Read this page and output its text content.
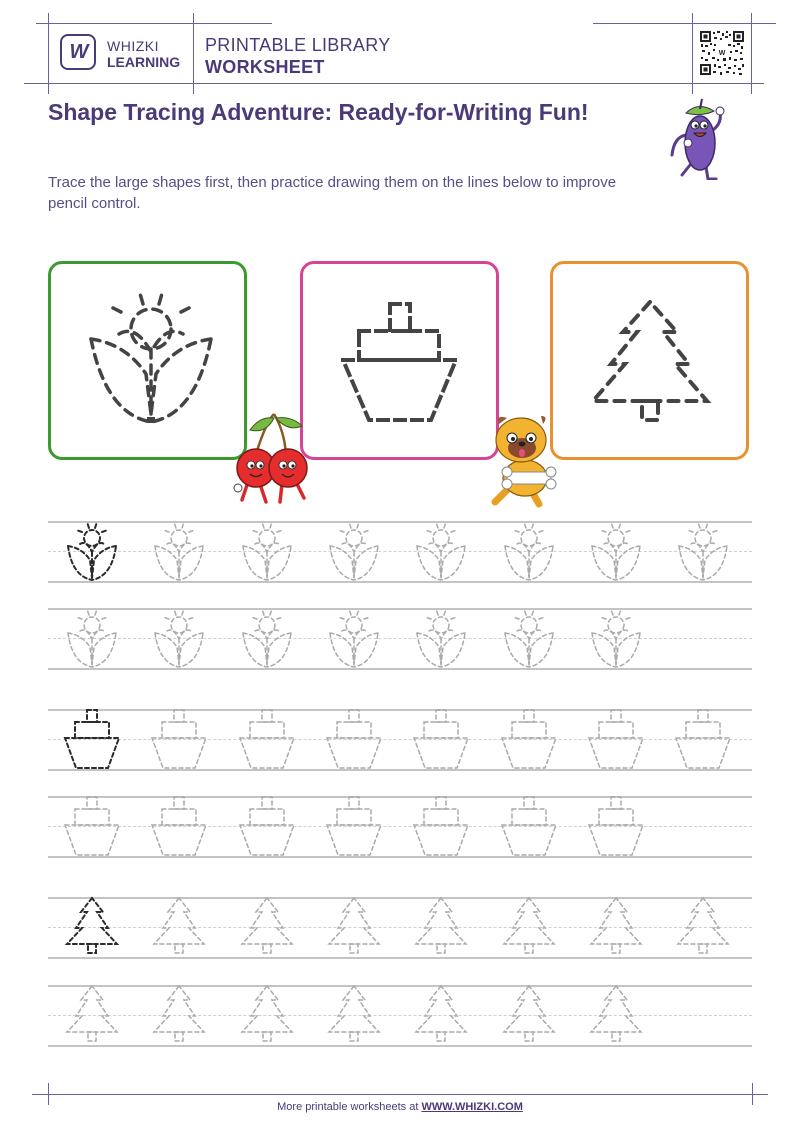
W WHIZKI
LEARNING
PRINTABLE LIBRARY
WORKSHEET
W
Shape Tracing Adventure: Ready-for-Writing Fun!
Trace the large shapes first, then practice drawing them on the lines below to improve pencil control.
More printable worksheets at WWW.WHIZKI.COM
